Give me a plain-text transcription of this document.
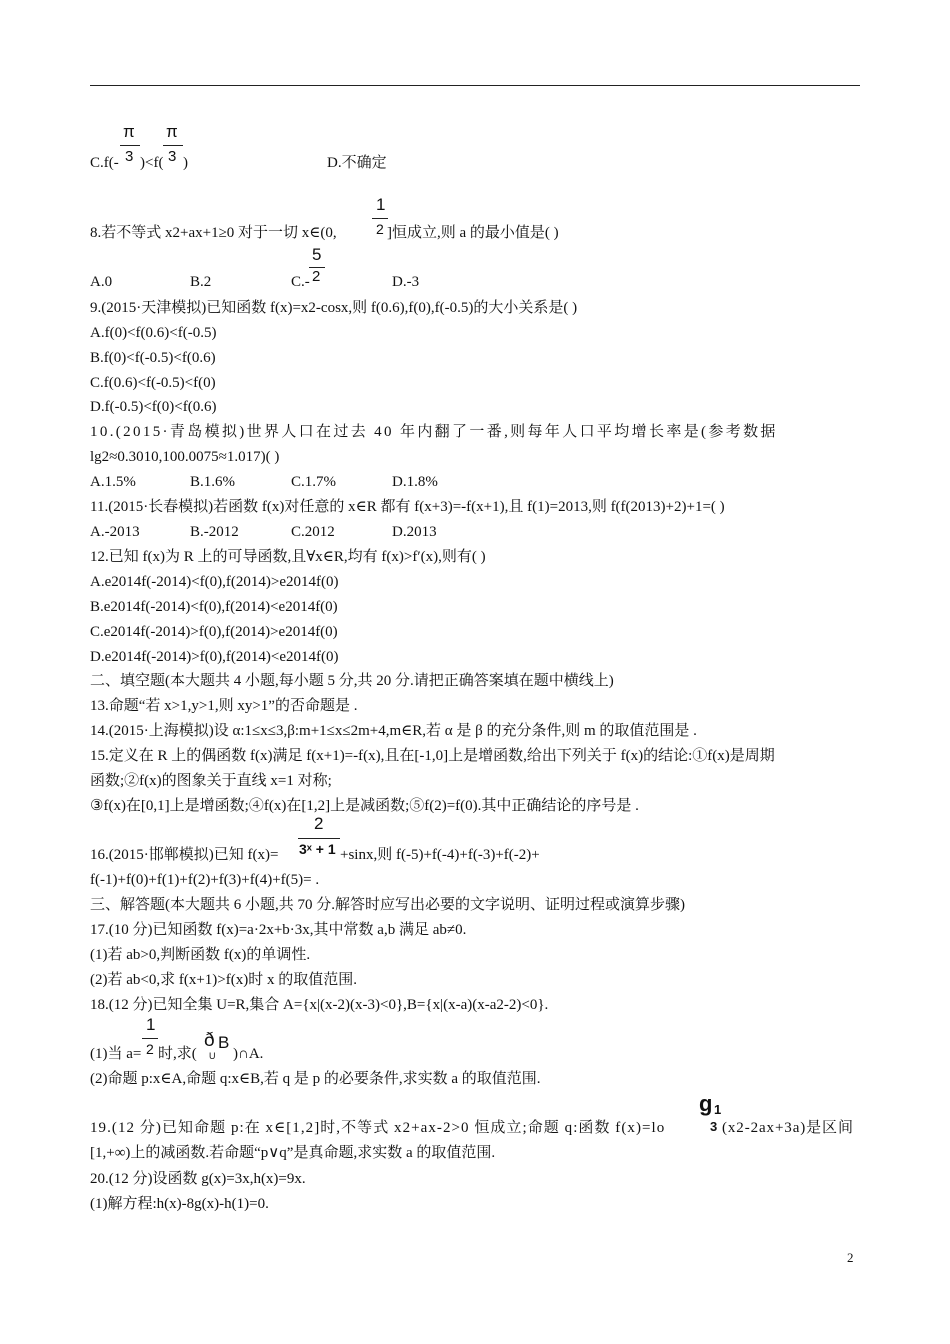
π
3
π
3
C.f(- )<f( )	D.不确定
1
2
8.若不等式 x2+ax+1≥0 对于一切 x∈(0,	]恒成立,则 a 的最小值是( )
5
2
A.0	B.2	C.-	D.-3
9.(2015·天津模拟)已知函数 f(x)=x2-cosx,则 f(0.6),f(0),f(-0.5)的大小关系是( )
A.f(0)<f(0.6)<f(-0.5)
B.f(0)<f(-0.5)<f(0.6)
C.f(0.6)<f(-0.5)<f(0)
D.f(-0.5)<f(0)<f(0.6)
10.(2015·青岛模拟)世界人口在过去 40 年内翻了一番,则每年人口平均增长率是(参考数据
lg2≈0.3010,100.0075≈1.017)( )
A.1.5%	B.1.6%	C.1.7%	D.1.8%
11.(2015·长春模拟)若函数 f(x)对任意的 x∈R 都有 f(x+3)=-f(x+1),且 f(1)=2013,则 f(f(2013)+2)+1=( )
A.-2013	B.-2012	C.2012	D.2013
12.已知 f(x)为 R 上的可导函数,且∀x∈R,均有 f(x)>f′(x),则有( )
A.e2014f(-2014)<f(0),f(2014)>e2014f(0)
B.e2014f(-2014)<f(0),f(2014)<e2014f(0)
C.e2014f(-2014)>f(0),f(2014)>e2014f(0)
D.e2014f(-2014)>f(0),f(2014)<e2014f(0)
二、填空题(本大题共 4 小题,每小题 5 分,共 20 分.请把正确答案填在题中横线上)
13.命题“若 x>1,y>1,则 xy>1”的否命题是 .
14.(2015·上海模拟)设 α:1≤x≤3,β:m+1≤x≤2m+4,m∈R,若 α 是 β 的充分条件,则 m 的取值范围是 .
15.定义在 R 上的偶函数 f(x)满足 f(x+1)=-f(x),且在[-1,0]上是增函数,给出下列关于 f(x)的结论:①f(x)是周期
函数;②f(x)的图象关于直线 x=1 对称;
③f(x)在[0,1]上是增函数;④f(x)在[1,2]上是减函数;⑤f(2)=f(0).其中正确结论的序号是 .
2
3ˣ + 1
16.(2015·邯郸模拟)已知 f(x)=	+sinx,则 f(-5)+f(-4)+f(-3)+f(-2)+
f(-1)+f(0)+f(1)+f(2)+f(3)+f(4)+f(5)= .
三、解答题(本大题共 6 小题,共 70 分.解答时应写出必要的文字说明、证明过程或演算步骤)
17.(10 分)已知函数 f(x)=a·2x+b·3x,其中常数 a,b 满足 ab≠0.
(1)若 ab>0,判断函数 f(x)的单调性.
(2)若 ab<0,求 f(x+1)>f(x)时 x 的取值范围.
18.(12 分)已知全集 U=R,集合 A={x|(x-2)(x-3)<0},B={x|(x-a)(x-a2-2)<0}.
1
2
(1)当 a= 时,求(
ð
U
B
)∩A.
(2)命题 p:x∈A,命题 q:x∈B,若 q 是 p 的必要条件,求实数 a 的取值范围.
g 1
3
19.(12 分)已知命题 p:在 x∈[1,2]时,不等式 x2+ax-2>0 恒成立;命题 q:函数 f(x)=lo	(x2-2ax+3a)是区间
[1,+∞)上的减函数.若命题“p∨q”是真命题,求实数 a 的取值范围.
20.(12 分)设函数 g(x)=3x,h(x)=9x.
(1)解方程:h(x)-8g(x)-h(1)=0.
2
